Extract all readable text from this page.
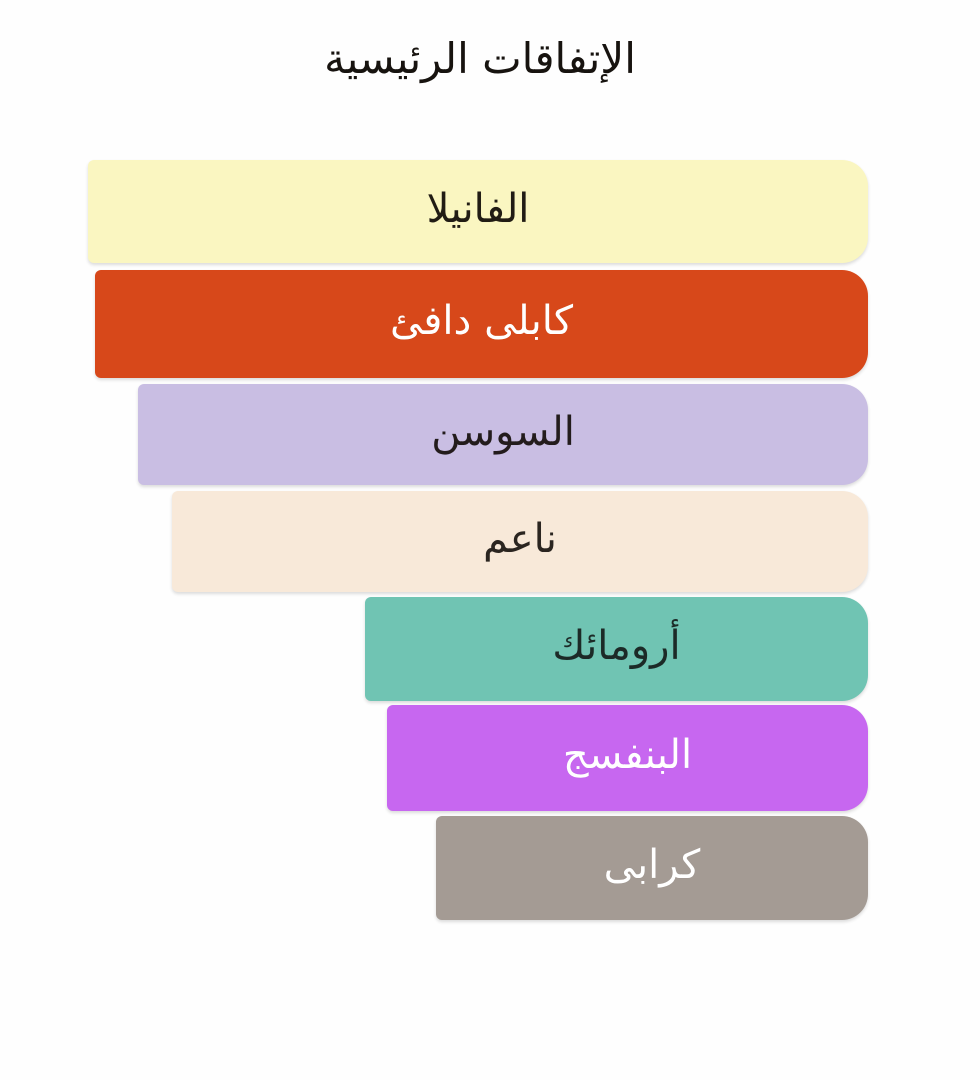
الإتفاقات الرئيسية
الفانيلا
كابلى دافئ
السوسن
ناعم
أرومائك
البنفسج
كرابى
